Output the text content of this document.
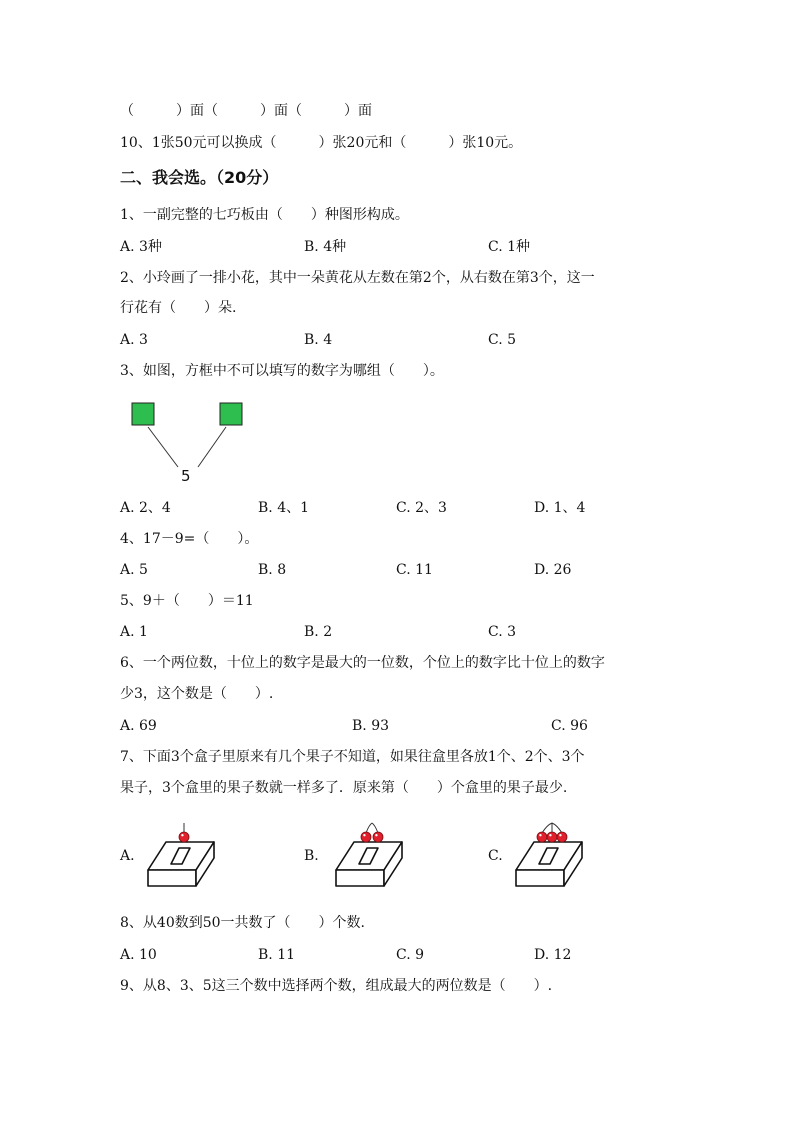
（　　　）面（　　　）面（　　　）面
10、1张50元可以换成（　　　）张20元和（　　　）张10元。
二、我会选。（20分）
1、一副完整的七巧板由（　　）种图形构成。
A. 3种	B. 4种	C. 1种
2、小玲画了一排小花，其中一朵黄花从左数在第2个，从右数在第3个，这一
行花有（　　）朵.
A. 3	B. 4	C. 5
3、如图，方框中不可以填写的数字为哪组（　　）。
5
A. 2、4	B. 4、1	C. 2、3	D. 1、4
4、17－9=（　　）。
A. 5	B. 8	C. 11	D. 26
5、9＋（　　）＝11
A. 1	B. 2	C. 3
6、一个两位数，十位上的数字是最大的一位数，个位上的数字比十位上的数字
少3，这个数是（　　）.
A. 69	B. 93	C. 96
7、下面3个盒子里原来有几个果子不知道，如果往盒里各放1个、2个、3个
果子，3个盒里的果子数就一样多了．原来第（　　）个盒里的果子最少.
A.	B.	C.
8、从40数到50一共数了（　　）个数.
A. 10	B. 11	C. 9	D. 12
9、从8、3、5这三个数中选择两个数，组成最大的两位数是（　　）.
